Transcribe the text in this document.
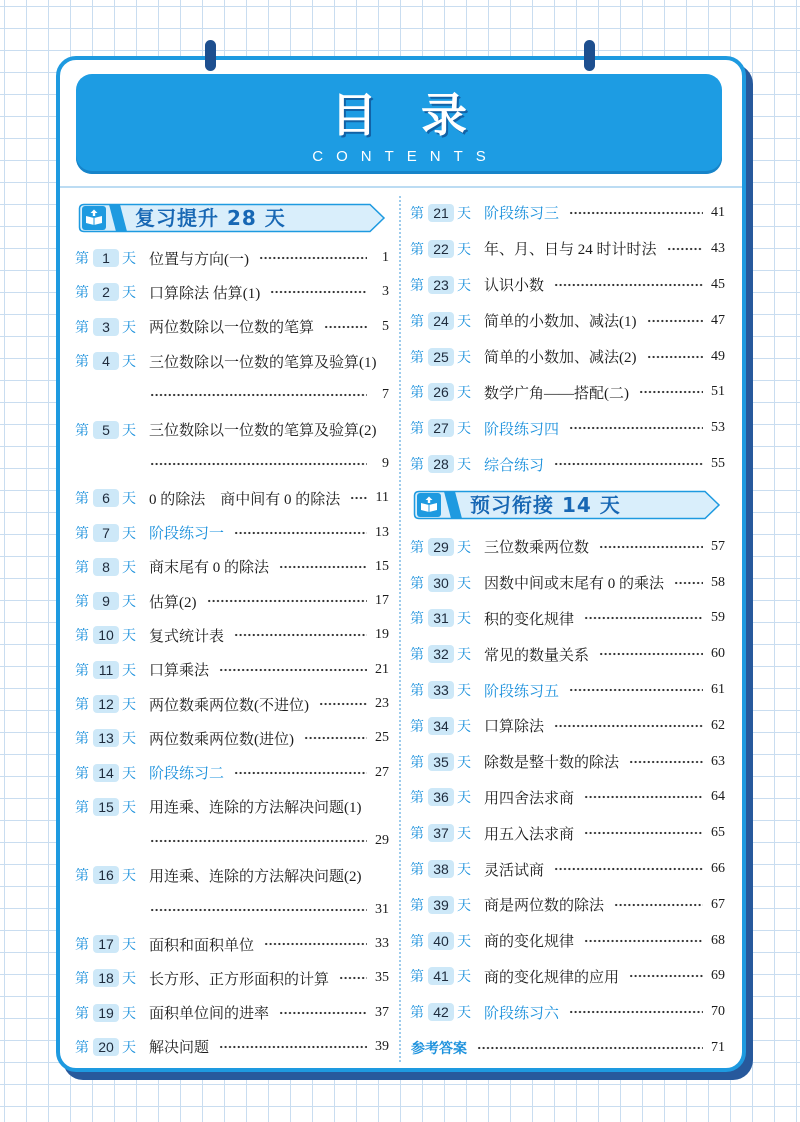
目录
CONTENTS
复习提升 28 天
预习衔接 14 天
第 1 天 位置与方向(一)	1
第 2 天 口算除法 估算(1)	3
第 3 天 两位数除以一位数的笔算	5
第 4 天 三位数除以一位数的笔算及验算(1)
7
第 5 天 三位数除以一位数的笔算及验算(2)
9
第 6 天 0 的除法　商中间有 0 的除法	11
第 7 天 阶段练习一	13
第 8 天 商末尾有 0 的除法	15
第 9 天 估算(2)	17
第 10 天 复式统计表	19
第 11 天 口算乘法	21
第 12 天 两位数乘两位数(不进位)	23
第 13 天 两位数乘两位数(进位)	25
第 14 天 阶段练习二	27
第 15 天 用连乘、连除的方法解决问题(1)
29
第 16 天 用连乘、连除的方法解决问题(2)
31
第 17 天 面积和面积单位	33
第 18 天 长方形、正方形面积的计算	35
第 19 天 面积单位间的进率	37
第 20 天 解决问题	39
第 21 天 阶段练习三	41
第 22 天 年、月、日与 24 时计时法	43
第 23 天 认识小数	45
第 24 天 简单的小数加、减法(1)	47
第 25 天 简单的小数加、减法(2)	49
第 26 天 数学广角——搭配(二)	51
第 27 天 阶段练习四	53
第 28 天 综合练习	55
第 29 天 三位数乘两位数	57
第 30 天 因数中间或末尾有 0 的乘法	58
第 31 天 积的变化规律	59
第 32 天 常见的数量关系	60
第 33 天 阶段练习五	61
第 34 天 口算除法	62
第 35 天 除数是整十数的除法	63
第 36 天 用四舍法求商	64
第 37 天 用五入法求商	65
第 38 天 灵活试商	66
第 39 天 商是两位数的除法	67
第 40 天 商的变化规律	68
第 41 天 商的变化规律的应用	69
第 42 天 阶段练习六	70
参考答案	71
